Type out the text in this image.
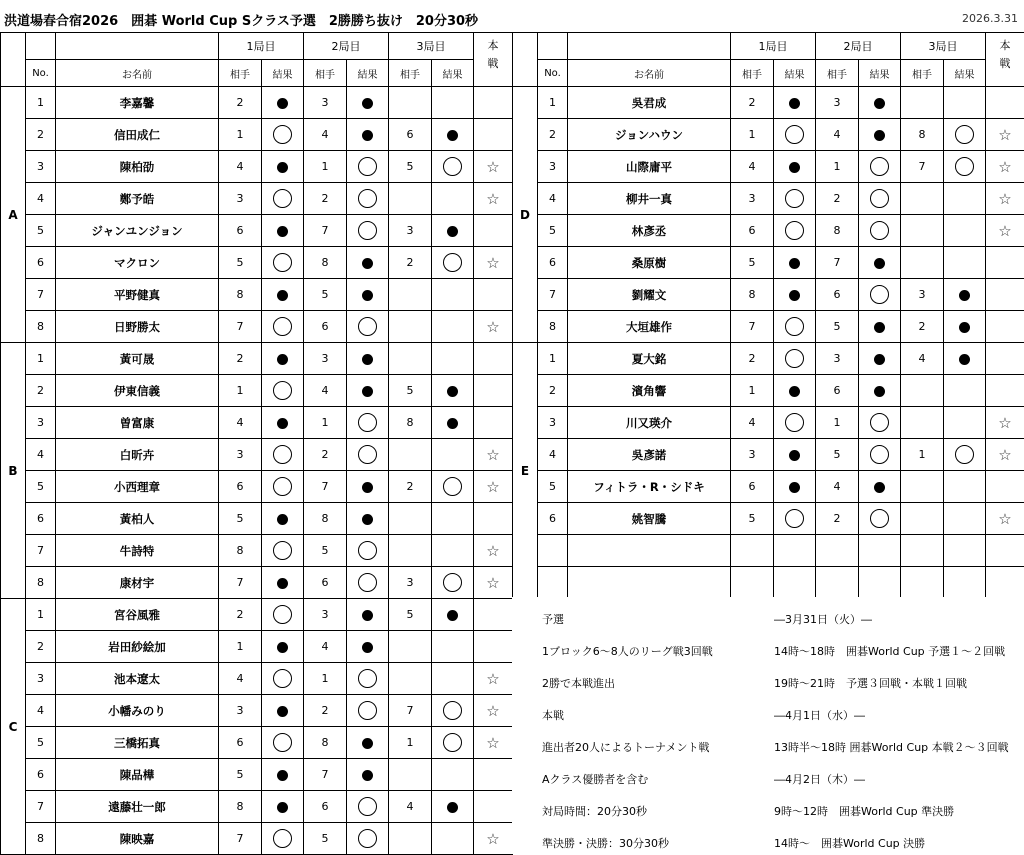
洪道場春合宿2026　囲碁 World Cup Sクラス予選　2勝勝ち抜け　20分30秒	2026.3.31
			1局目		2局目		3局目		本
戦
	No.	お名前	相手	結果	相手	結果	相手	結果	
A	1	李嘉馨	2		3				
	2	信田成仁	1		4		6		
	3	陳柏劭	4		1		5		☆
	4	鄭予皓	3		2				☆
	5	ジャンユンジョン	6		7		3		
	6	マクロン	5		8		2		☆
	7	平野健真	8		5				
	8	日野勝太	7		6				☆
B	1	黃可晟	2		3				
	2	伊東信義	1		4		5		
	3	曽富康	4		1		8		
	4	白昕卉	3		2				☆
	5	小西理章	6		7		2		☆
	6	黃柏人	5		8				
	7	牛詩特	8		5				☆
	8	康材宇	7		6		3		☆
C	1	宮谷風雅	2		3		5		
	2	岩田紗絵加	1		4				
	3	池本遼太	4		1				☆
	4	小幡みのり	3		2		7		☆
	5	三橋拓真	6		8		1		☆
	6	陳品樺	5		7				
	7	遠藤壮一郎	8		6		4		
	8	陳映嘉	7		5				☆
			1局目		2局目		3局目		本
戦
	No.	お名前	相手	結果	相手	結果	相手	結果	
D	1	吳君成	2		3				
	2	ジョンハウン	1		4		8		☆
	3	山際庸平	4		1		7		☆
	4	柳井一真	3		2				☆
	5	林彥丞	6		8				☆
	6	桑原樹	5		7				
	7	劉耀文	8		6		3		
	8	大垣雄作	7		5		2		
E	1	夏大銘	2		3		4		
	2	濱角響	1		6				
	3	川又瑛介	4		1				☆
	4	吳彥諾	3		5		1		☆
	5	フィトラ・R・シドキ	6		4				
	6	姚智騰	5		2				☆

予選	―3月31日（火）―
1ブロック6～8人のリーグ戦3回戦	14時～18時　囲碁World Cup 予選１～２回戦
2勝で本戦進出	19時～21時　予選３回戦・本戦１回戦
本戦	―4月1日（水）―
進出者20人によるトーナメント戦	13時半～18時 囲碁World Cup 本戦２～３回戦
Aクラス優勝者を含む	―4月2日（木）―
対局時間：20分30秒	9時～12時　囲碁World Cup 準決勝
準決勝・決勝：30分30秒	14時～　囲碁World Cup 決勝
